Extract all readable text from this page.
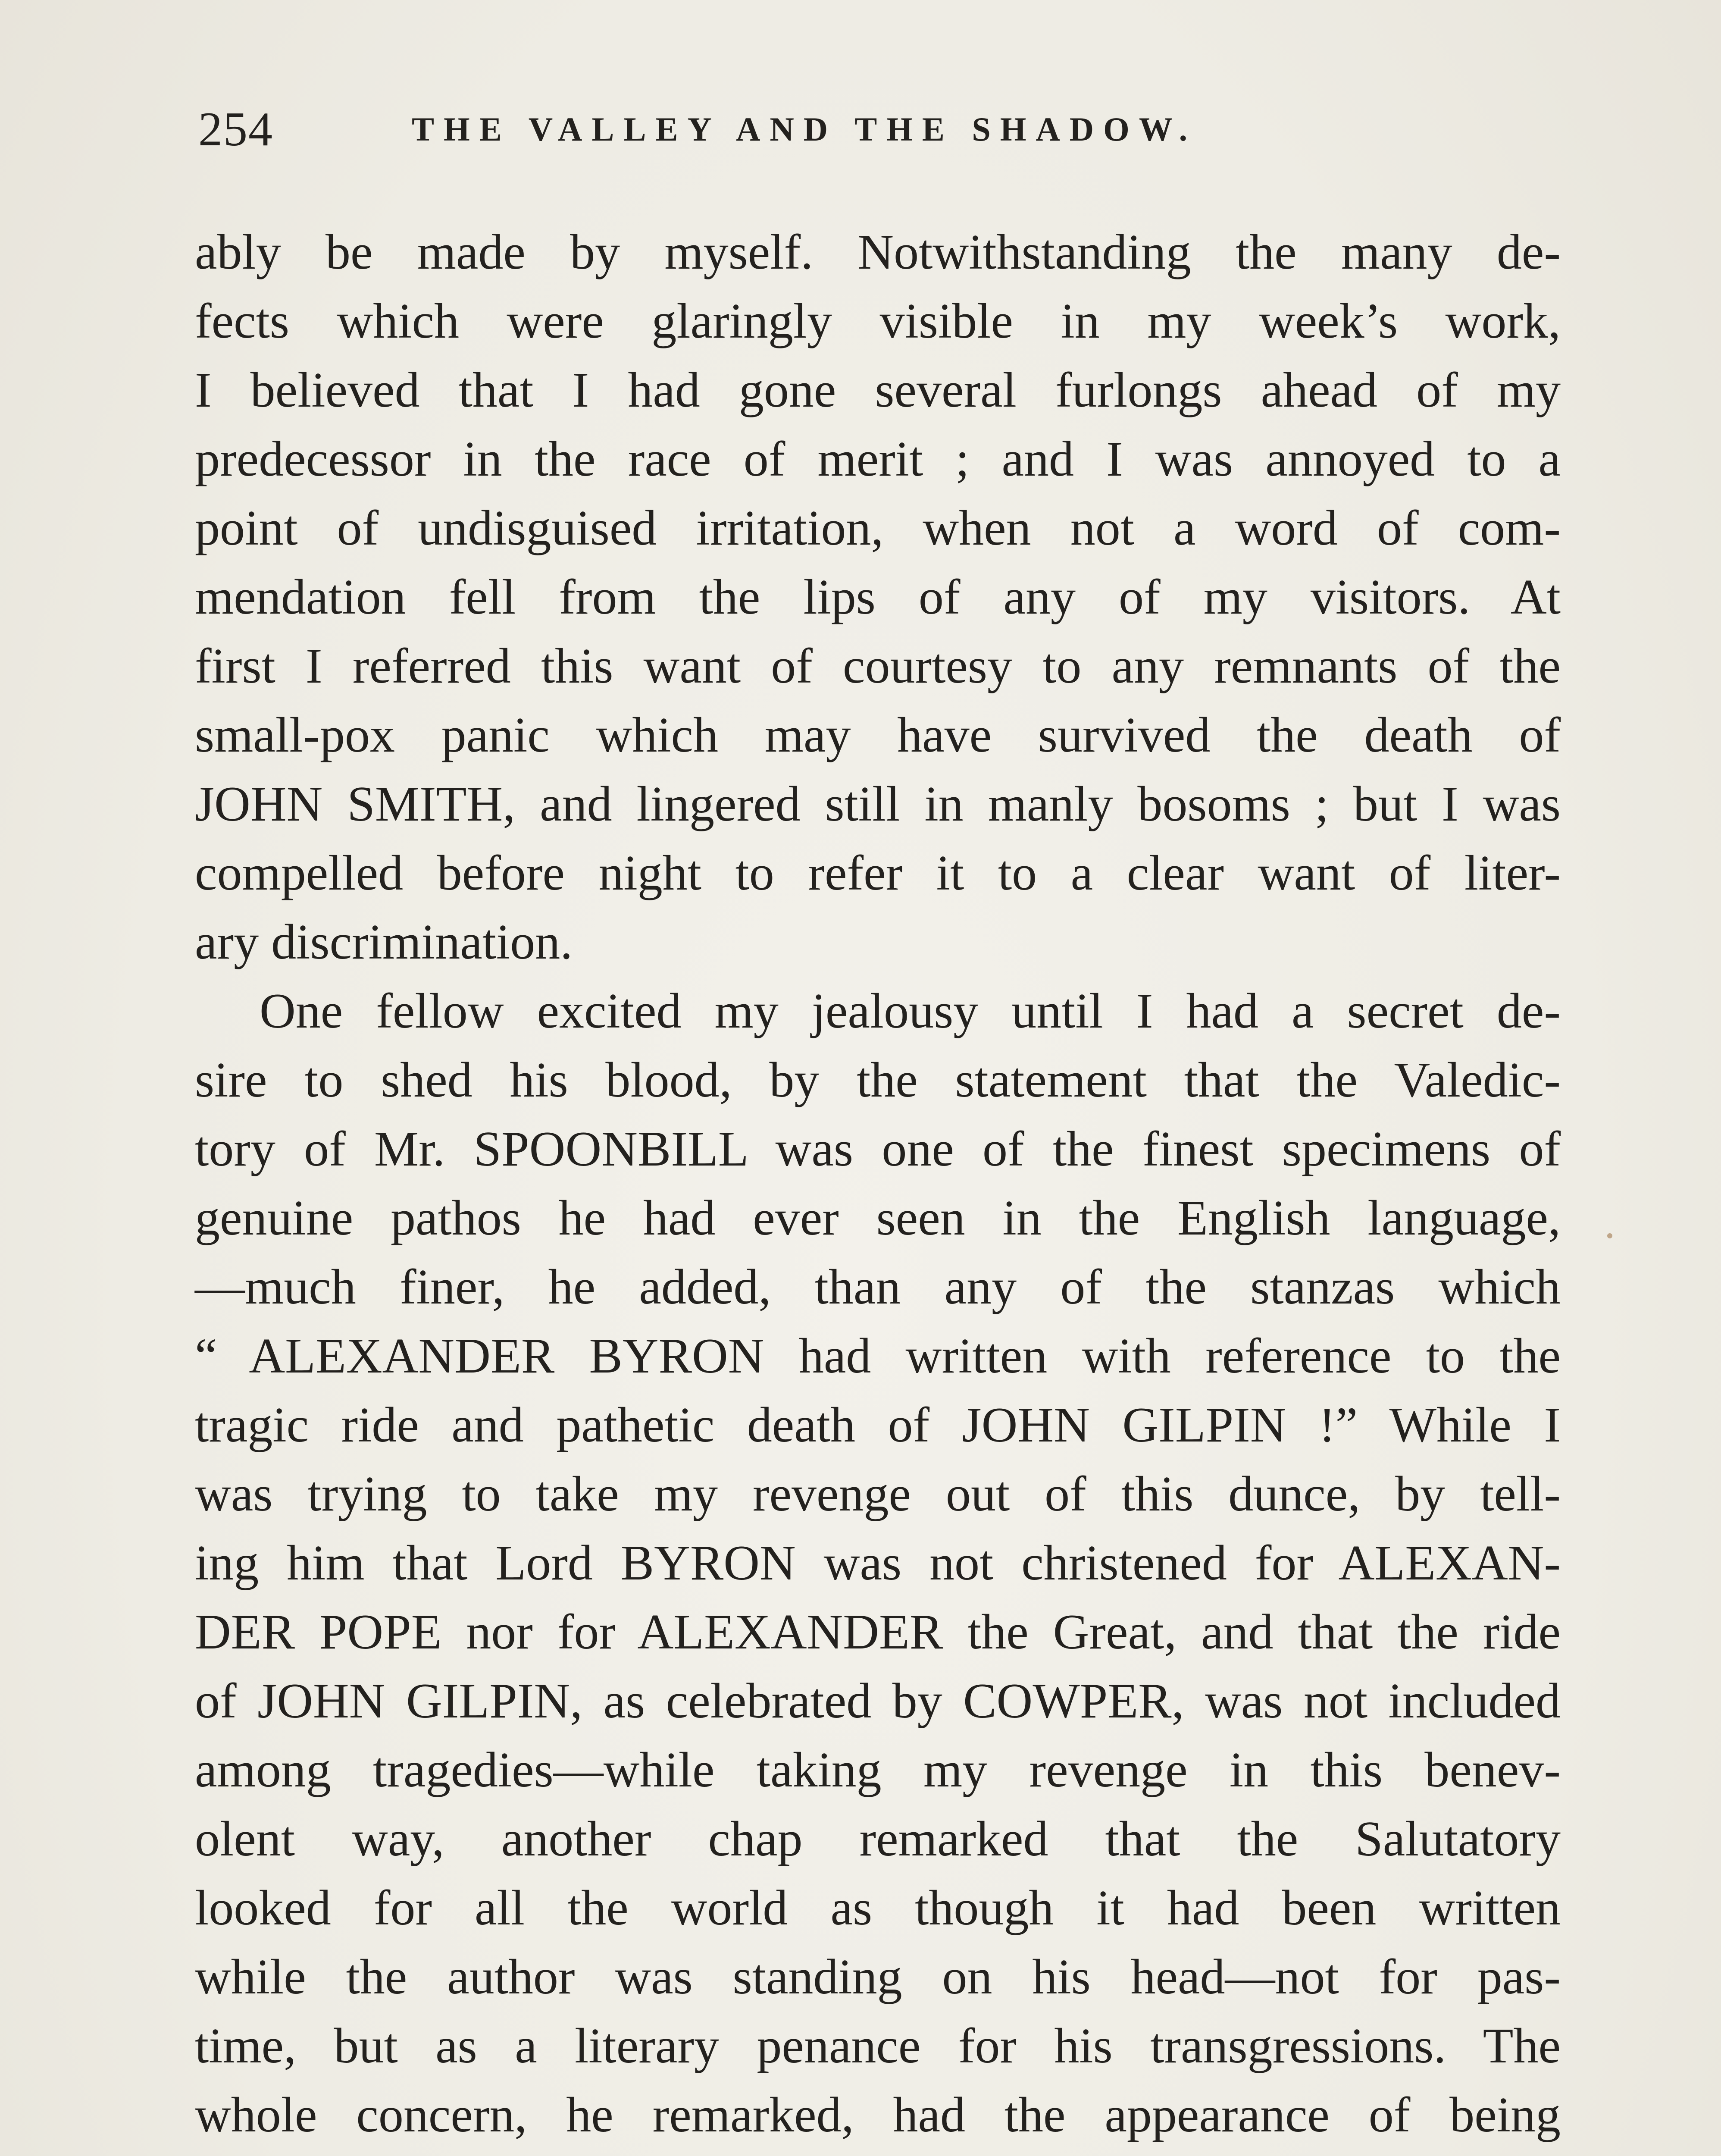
254	THE VALLEY AND THE SHADOW.
ably be made by myself. Notwithstanding the many de-
fects which were glaringly visible in my week’s work,
I believed that I had gone several furlongs ahead of my
predecessor in the race of merit ; and I was annoyed to a
point of undisguised irritation, when not a word of com-
mendation fell from the lips of any of my visitors. At
first I referred this want of courtesy to any remnants of the
small-pox panic which may have survived the death of
JOHN SMITH, and lingered still in manly bosoms ; but I was
compelled before night to refer it to a clear want of liter-
ary discrimination.
One fellow excited my jealousy until I had a secret de-
sire to shed his blood, by the statement that the Valedic-
tory of Mr. SPOONBILL was one of the finest specimens of
genuine pathos he had ever seen in the English language,
—much finer, he added, than any of the stanzas which
“ ALEXANDER BYRON had written with reference to the
tragic ride and pathetic death of JOHN GILPIN !” While I
was trying to take my revenge out of this dunce, by tell-
ing him that Lord BYRON was not christened for ALEXAN-
DER POPE nor for ALEXANDER the Great, and that the ride
of JOHN GILPIN, as celebrated by COWPER, was not included
among tragedies—while taking my revenge in this benev-
olent way, another chap remarked that the Salutatory
looked for all the world as though it had been written
while the author was standing on his head—not for pas-
time, but as a literary penance for his transgressions. The
whole concern, he remarked, had the appearance of being
